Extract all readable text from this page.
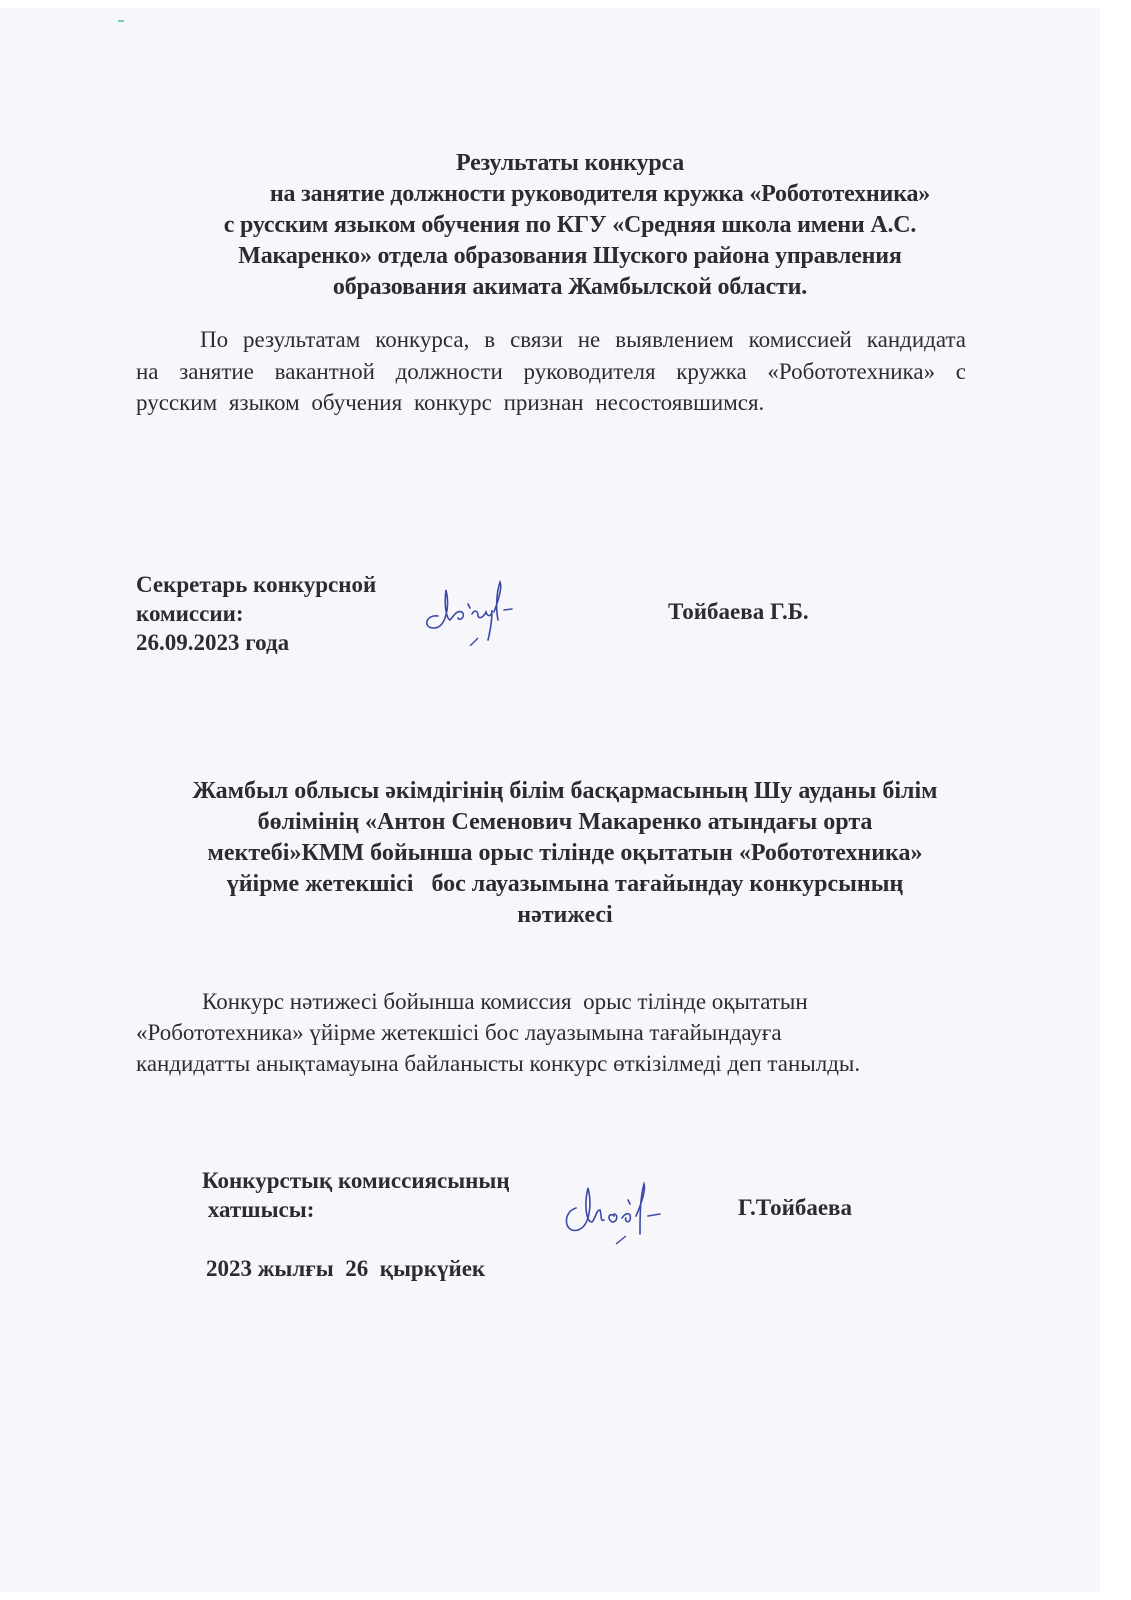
Результаты конкурса
на занятие должности руководителя кружка «Робототехника»
с русским языком обучения по КГУ «Средняя школа имени А.С.
Макаренко» отдела образования Шуского района управления
образования акимата Жамбылской области.
По результатам конкурса, в связи не выявлением комиссией кандидата на занятие вакантной должности руководителя кружка «Робототехника» с русским языком обучения конкурс признан несостоявшимся.
Секретарь конкурсной
комиссии:
26.09.2023 года
Тойбаева Г.Б.
Жамбыл облысы әкімдігінің білім басқармасының Шу ауданы білім
бөлімінің «Антон Семенович Макаренко атындағы орта
мектебі»КММ бойынша орыс тілінде оқытатын «Робототехника»
үйірме жетекшісі   бос лауазымына тағайындау конкурсының
нәтижесі
Конкурс нәтижесі бойынша комиссия  орыс тілінде оқытатын
«Робототехника» үйірме жетекшісі бос лауазымына тағайындауға
кандидатты анықтамауына байланысты конкурс өткізілмеді деп танылды.
Конкурстық комиссиясының
хатшысы:	Г.Тойбаева
2023 жылғы  26  қыркүйек
